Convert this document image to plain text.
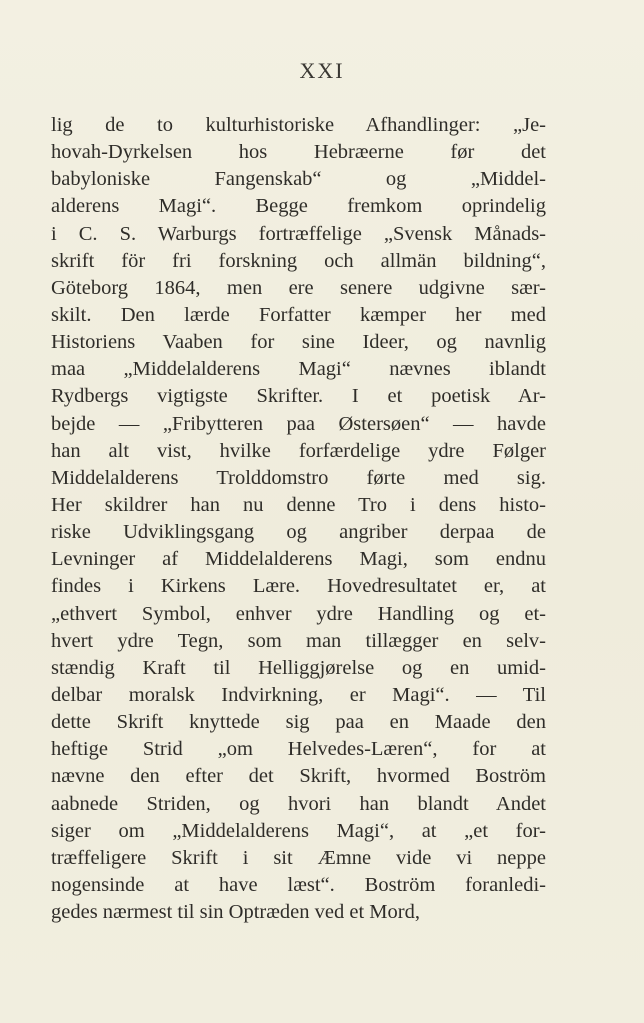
XXI
lig de to kulturhistoriske Afhandlinger: „Je-
hovah-Dyrkelsen hos Hebræerne før det
babyloniske Fangenskab“ og „Middel-
alderens Magi“. Begge fremkom oprindelig
i C. S. Warburgs fortræffelige „Svensk Månads-
skrift för fri forskning och allmän bildning“,
Göteborg 1864, men ere senere udgivne sær-
skilt. Den lærde Forfatter kæmper her med
Historiens Vaaben for sine Ideer, og navnlig
maa „Middelalderens Magi“ nævnes iblandt
Rydbergs vigtigste Skrifter. I et poetisk Ar-
bejde — „Fribytteren paa Østersøen“ — havde
han alt vist, hvilke forfærdelige ydre Følger
Middelalderens Trolddomstro førte med sig.
Her skildrer han nu denne Tro i dens histo-
riske Udviklingsgang og angriber derpaa de
Levninger af Middelalderens Magi, som endnu
findes i Kirkens Lære. Hovedresultatet er, at
„ethvert Symbol, enhver ydre Handling og et-
hvert ydre Tegn, som man tillægger en selv-
stændig Kraft til Helliggjørelse og en umid-
delbar moralsk Indvirkning, er Magi“. — Til
dette Skrift knyttede sig paa en Maade den
heftige Strid „om Helvedes-Læren“, for at
nævne den efter det Skrift, hvormed Boström
aabnede Striden, og hvori han blandt Andet
siger om „Middelalderens Magi“, at „et for-
træffeligere Skrift i sit Æmne vide vi neppe
nogensinde at have læst“. Boström foranledi-
gedes nærmest til sin Optræden ved et Mord,
